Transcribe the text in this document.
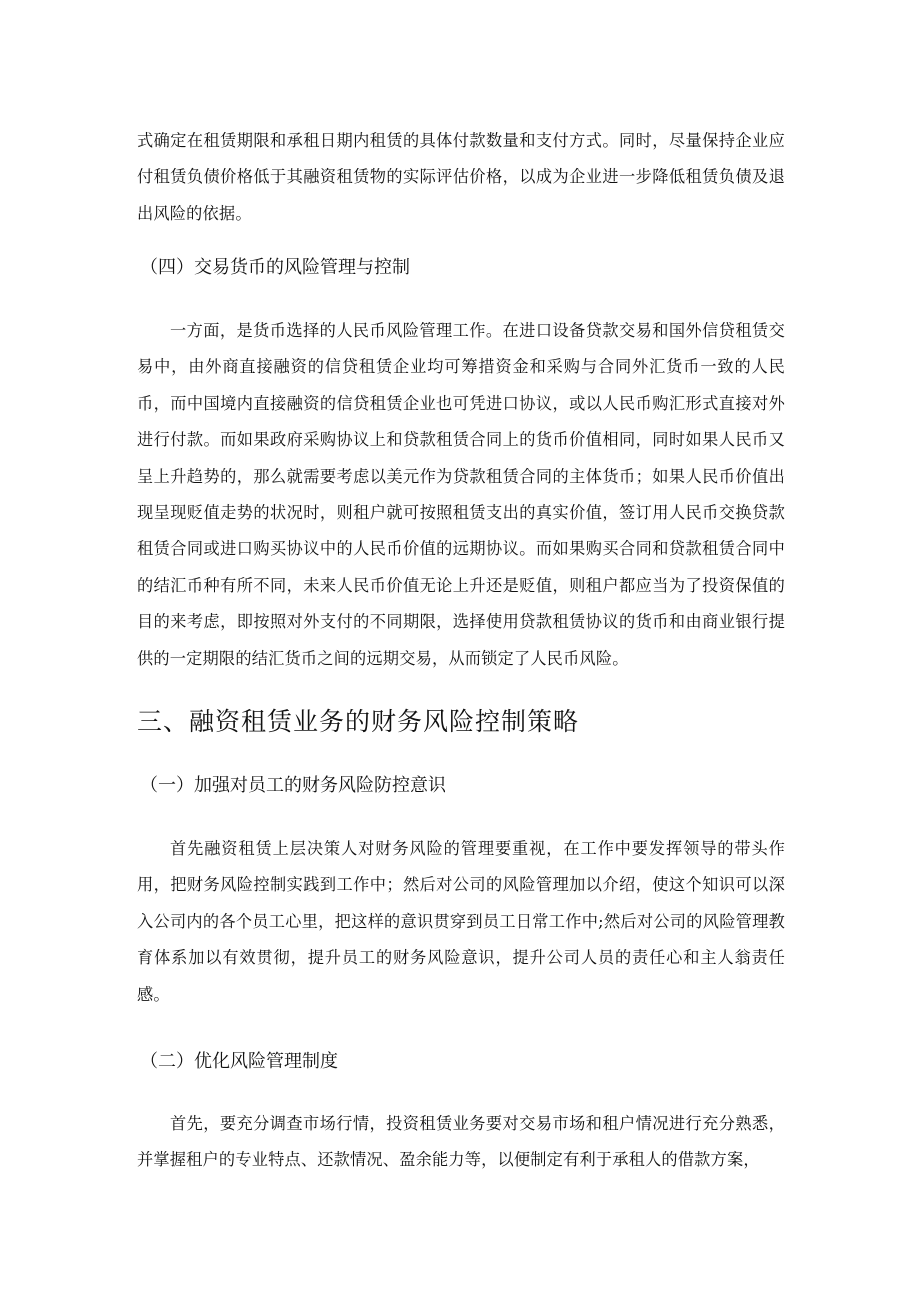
式确定在租赁期限和承租日期内租赁的具体付款数量和支付方式。同时，尽量保持企业应付租赁负债价格低于其融资租赁物的实际评估价格，以成为企业进一步降低租赁负债及退出风险的依据。

（四）交易货币的风险管理与控制

一方面，是货币选择的人民币风险管理工作。在进口设备贷款交易和国外信贷租赁交易中，由外商直接融资的信贷租赁企业均可筹措资金和采购与合同外汇货币一致的人民币，而中国境内直接融资的信贷租赁企业也可凭进口协议，或以人民币购汇形式直接对外进行付款。而如果政府采购协议上和贷款租赁合同上的货币价值相同，同时如果人民币又呈上升趋势的，那么就需要考虑以美元作为贷款租赁合同的主体货币；如果人民币价值出现呈现贬值走势的状况时，则租户就可按照租赁支出的真实价值，签订用人民币交换贷款租赁合同或进口购买协议中的人民币价值的远期协议。而如果购买合同和贷款租赁合同中的结汇币种有所不同，未来人民币价值无论上升还是贬值，则租户都应当为了投资保值的目的来考虑，即按照对外支付的不同期限，选择使用贷款租赁协议的货币和由商业银行提供的一定期限的结汇货币之间的远期交易，从而锁定了人民币风险。

三、融资租赁业务的财务风险控制策略
（一）加强对员工的财务风险防控意识

首先融资租赁上层决策人对财务风险的管理要重视，在工作中要发挥领导的带头作用，把财务风险控制实践到工作中；然后对公司的风险管理加以介绍，使这个知识可以深入公司内的各个员工心里，把这样的意识贯穿到员工日常工作中;然后对公司的风险管理教育体系加以有效贯彻，提升员工的财务风险意识，提升公司人员的责任心和主人翁责任感。

（二）优化风险管理制度

首先，要充分调查市场行情，投资租赁业务要对交易市场和租户情况进行充分熟悉，并掌握租户的专业特点、还款情况、盈余能力等，以便制定有利于承租人的借款方案，
